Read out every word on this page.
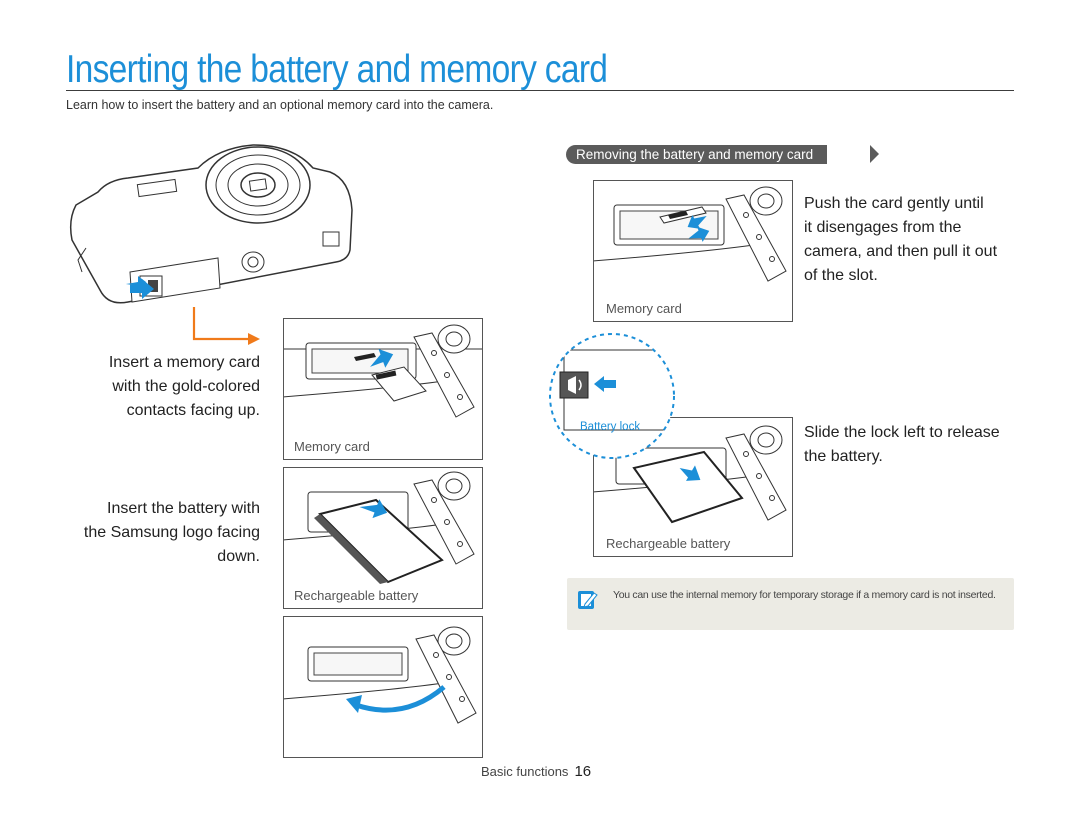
Inserting the battery and memory card
Learn how to insert the battery and an optional memory card into the camera.
Insert a memory card
with the gold-colored
contacts facing up.
Insert the battery with
the Samsung logo facing
down.
Memory card
Rechargeable battery
Removing the battery and memory card
Memory card
Push the card gently until
it disengages from the
camera, and then pull it out
of the slot.
Rechargeable battery
Battery lock	Slide the lock left to release
the battery.
You can use the internal memory for temporary storage if a memory card is not inserted.
Basic functions 16
